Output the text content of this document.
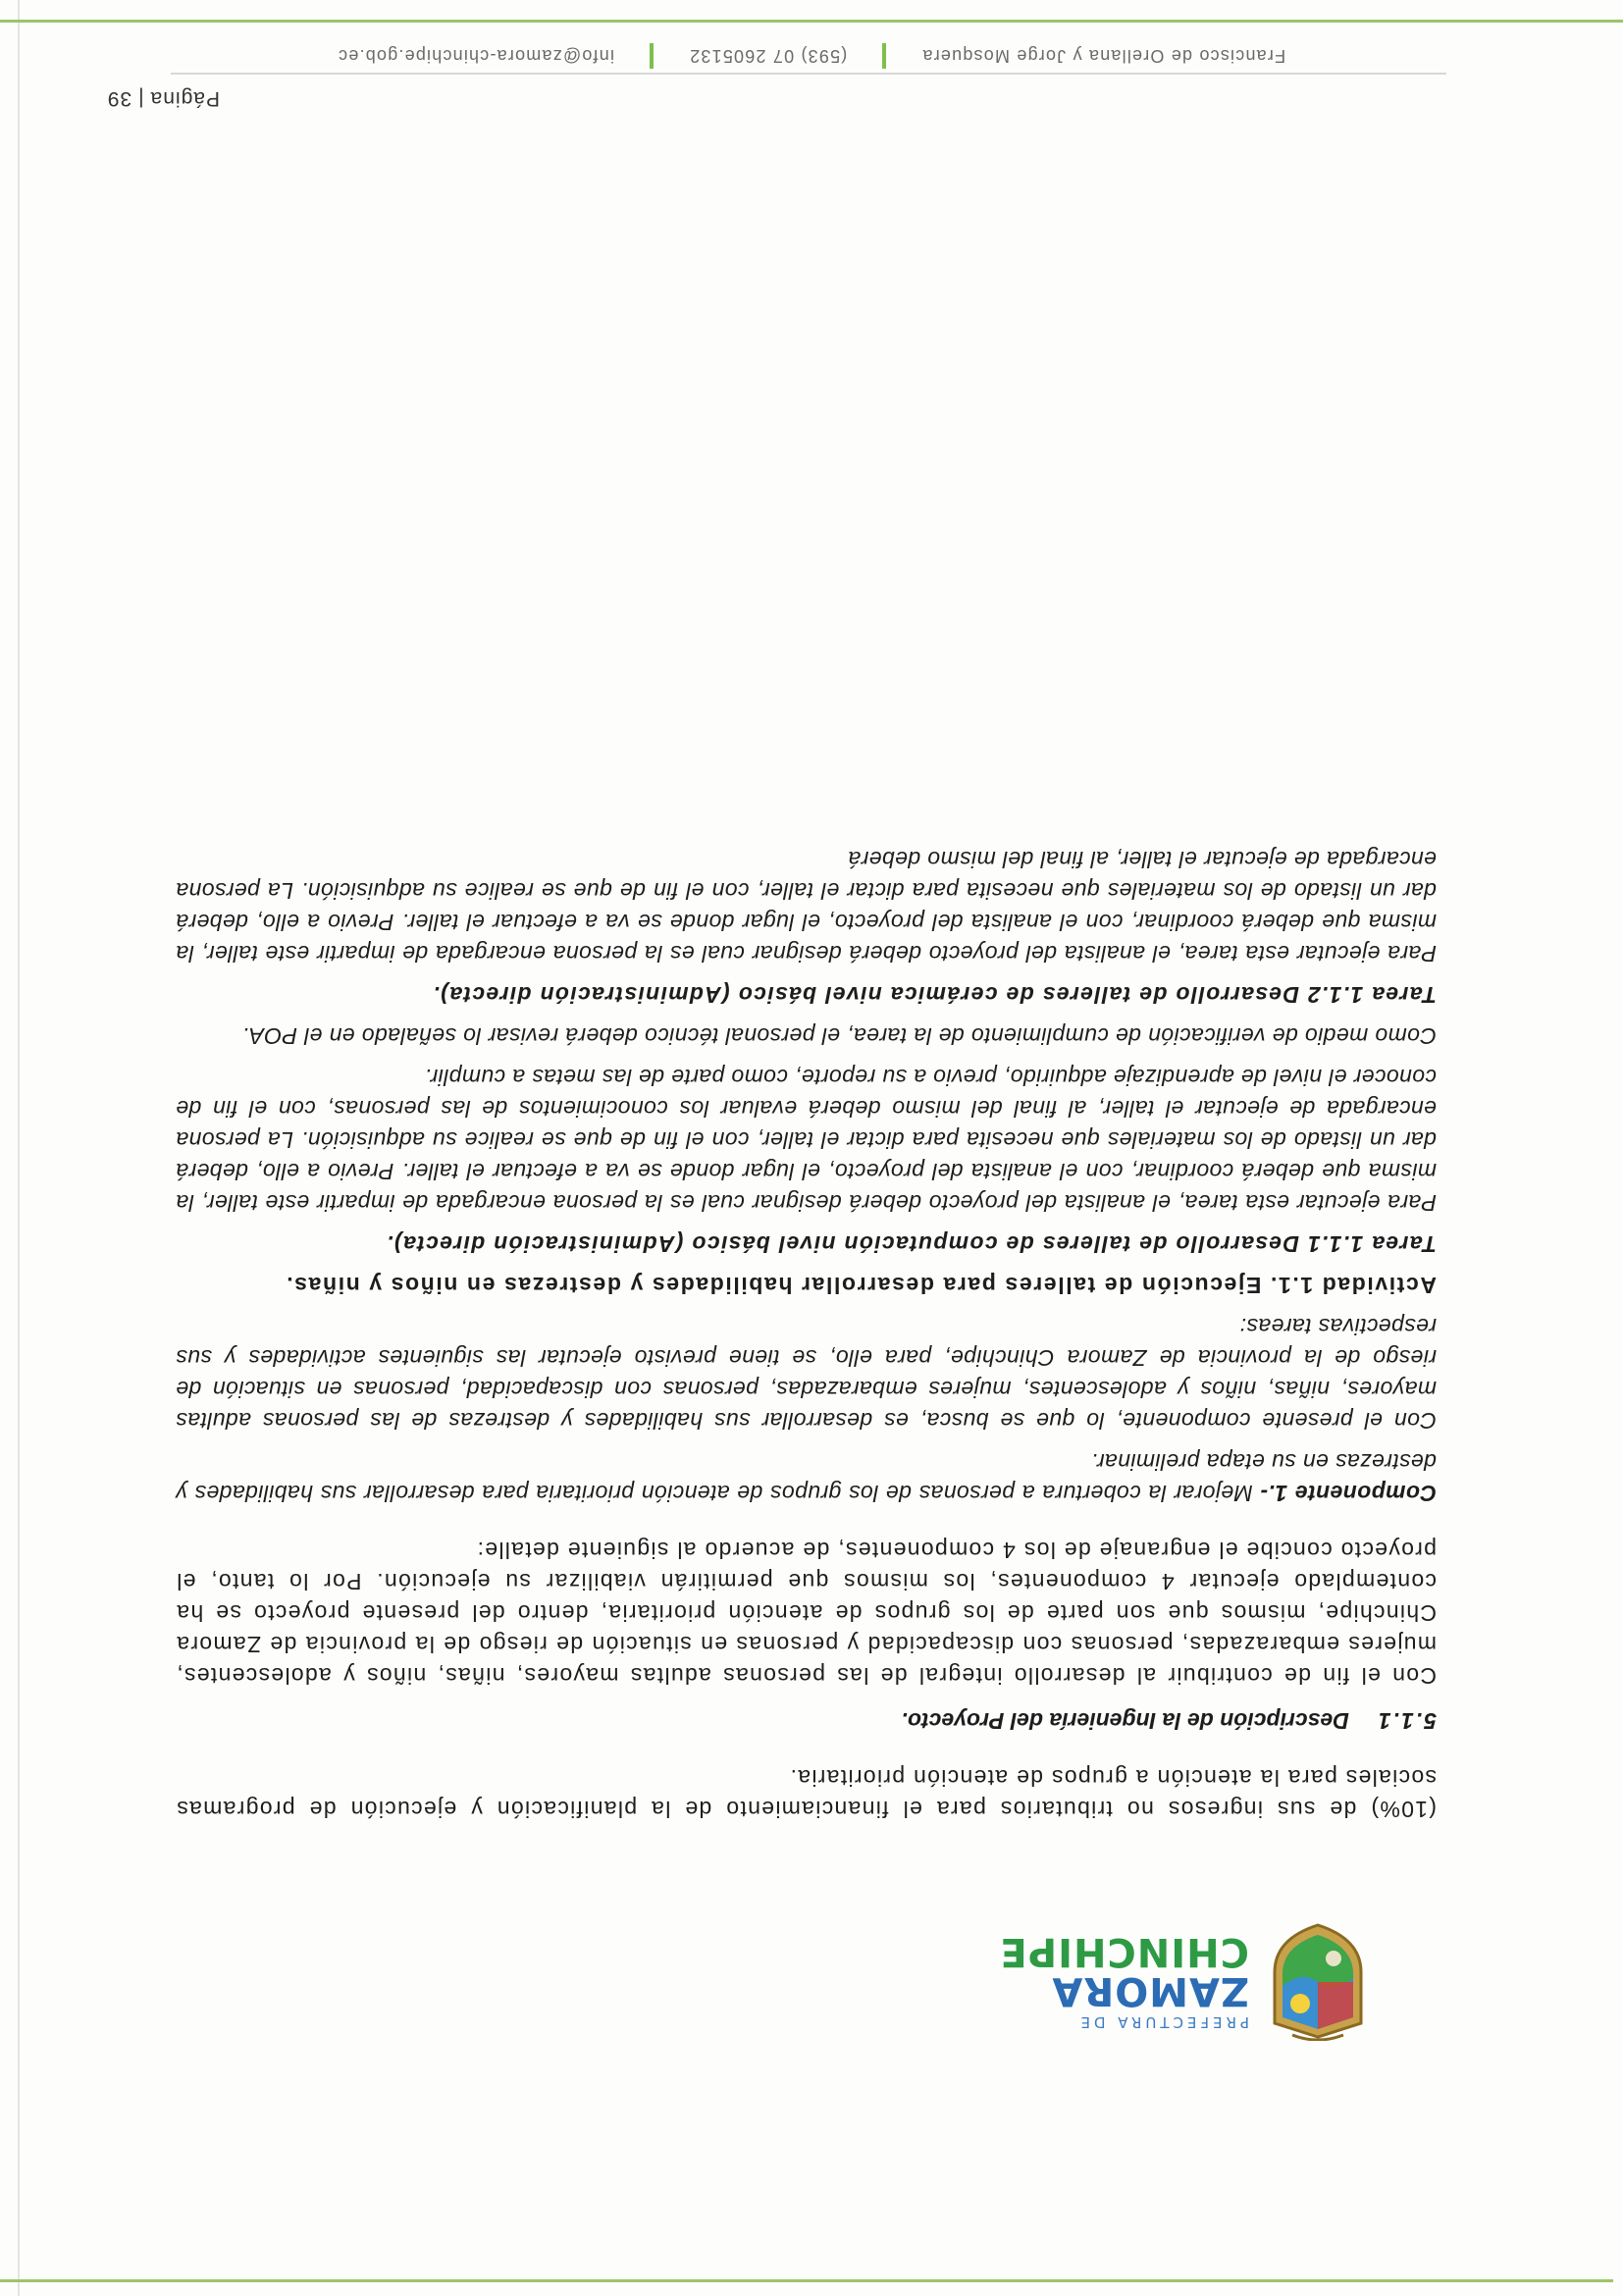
PREFECTURA DE
ZAMORA
CHINCHIPE

(10%) de sus ingresos no tributarios para el financiamiento de la planificación y ejecución de programas sociales para la atención a grupos de atención prioritaria.

5.1.1
Descripción de la Ingeniería del Proyecto.

Con el fin de contribuir al desarrollo integral de las personas adultas mayores, niñas, niños y adolescentes, mujeres embarazadas, personas con discapacidad y personas en situación de riesgo de la provincia de Zamora Chinchipe, mismos que son parte de los grupos de atención prioritaria, dentro del presente proyecto se ha contemplado ejecutar 4 componentes, los mismos que permitirán viabilizar su ejecución. Por lo tanto, el proyecto concibe el engranaje de los 4 componentes, de acuerdo al siguiente detalle:

Componente 1.- Mejorar la cobertura a personas de los grupos de atención prioritaria para desarrollar sus habilidades y destrezas en su etapa preliminar.

Con el presente componente, lo que se busca, es desarrollar sus habilidades y destrezas de las personas adultas mayores, niñas, niños y adolescentes, mujeres embarazadas, personas con discapacidad, personas en situación de riesgo de la provincia de Zamora Chinchipe, para ello, se tiene previsto ejecutar las siguientes actividades y sus respectivas tareas:

Actividad 1.1. Ejecución de talleres para desarrollar habilidades y destrezas en niños y niñas.

Tarea 1.1.1 Desarrollo de talleres de computación nivel básico (Administración directa).

Para ejecutar esta tarea, el analista del proyecto deberá designar cual es la persona encargada de impartir este taller, la misma que deberá coordinar, con el analista del proyecto, el lugar donde se va a efectuar el taller. Previo a ello, deberá dar un listado de los materiales que necesita para dictar el taller, con el fin de que se realice su adquisición. La persona encargada de ejecutar el taller, al final del mismo deberá evaluar los conocimientos de las personas, con el fin de conocer el nivel de aprendizaje adquirido, previo a su reporte, como parte de las metas a cumplir.

Como medio de verificación de cumplimiento de la tarea, el personal técnico deberá revisar lo señalado en el POA.

Tarea 1.1.2 Desarrollo de talleres de cerámica nivel básico (Administración directa).

Para ejecutar esta tarea, el analista del proyecto deberá designar cual es la persona encargada de impartir este taller, la misma que deberá coordinar, con el analista del proyecto, el lugar donde se va a efectuar el taller. Previo a ello, deberá dar un listado de los materiales que necesita para dictar el taller, con el fin de que se realice su adquisición. La persona encargada de ejecutar el taller, al final del mismo deberá

Página|39
Francisco de Orellana y Jorge Mosquera
(593) 07 2605132
info@zamora-chinchipe.gob.ec
